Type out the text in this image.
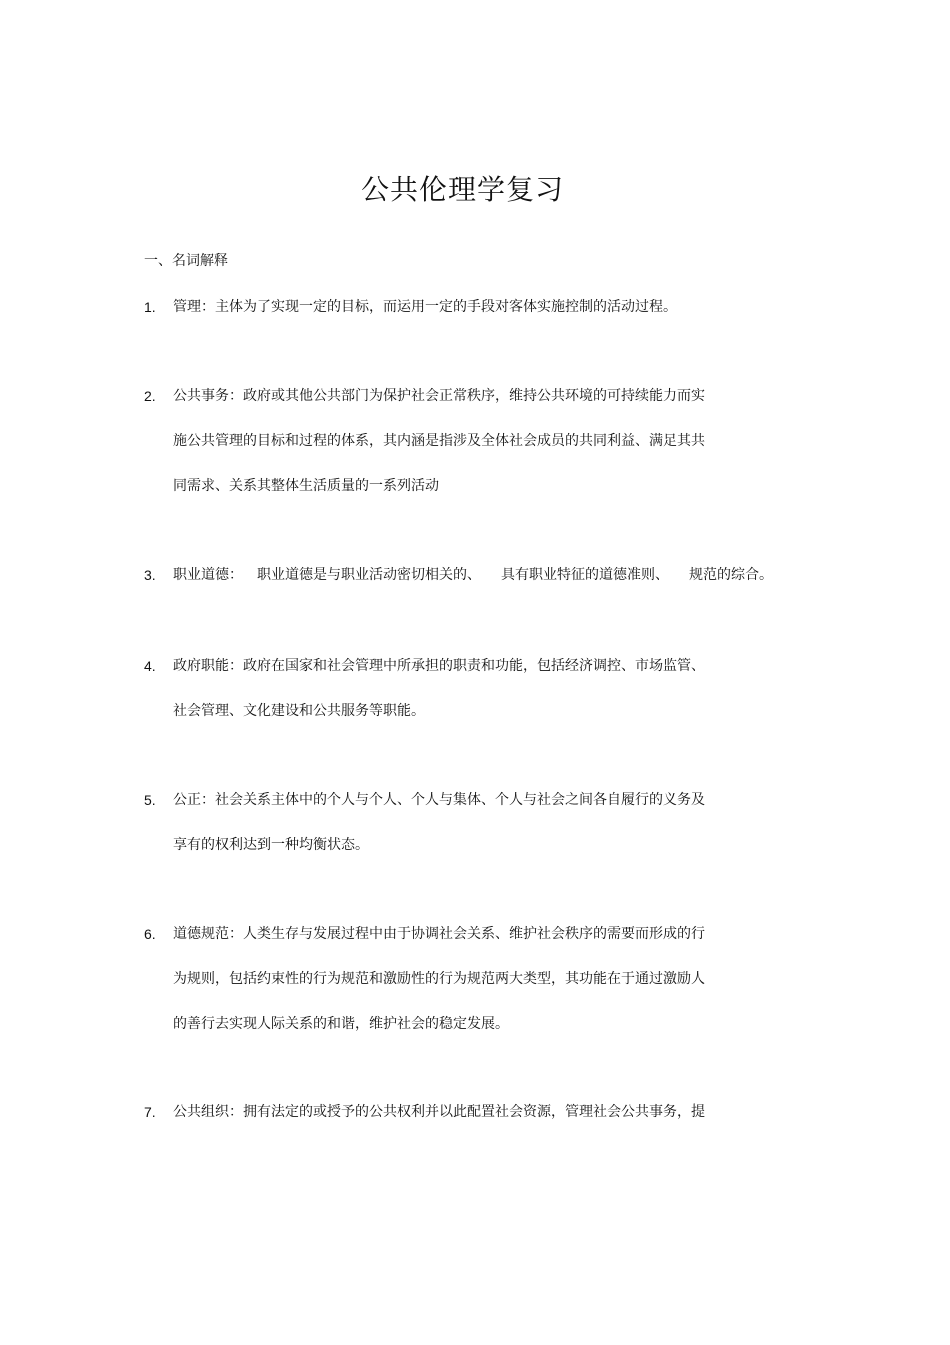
公共伦理学复习
一、名词解释
1. 管理：主体为了实现一定的目标，而运用一定的手段对客体实施控制的活动过程。
2. 公共事务：政府或其他公共部门为保护社会正常秩序，维持公共环境的可持续能力而实
施公共管理的目标和过程的体系，其内涵是指涉及全体社会成员的共同利益、满足其共
同需求、关系其整体生活质量的一系列活动
3. 职业道德： 职业道德是与职业活动密切相关的、 具有职业特征的道德准则、 规范的综合。
4. 政府职能：政府在国家和社会管理中所承担的职责和功能，包括经济调控、市场监管、
社会管理、文化建设和公共服务等职能。
5. 公正：社会关系主体中的个人与个人、个人与集体、个人与社会之间各自履行的义务及
享有的权利达到一种均衡状态。
6. 道德规范：人类生存与发展过程中由于协调社会关系、维护社会秩序的需要而形成的行
为规则，包括约束性的行为规范和激励性的行为规范两大类型，其功能在于通过激励人
的善行去实现人际关系的和谐，维护社会的稳定发展。
7. 公共组织：拥有法定的或授予的公共权利并以此配置社会资源，管理社会公共事务，提
